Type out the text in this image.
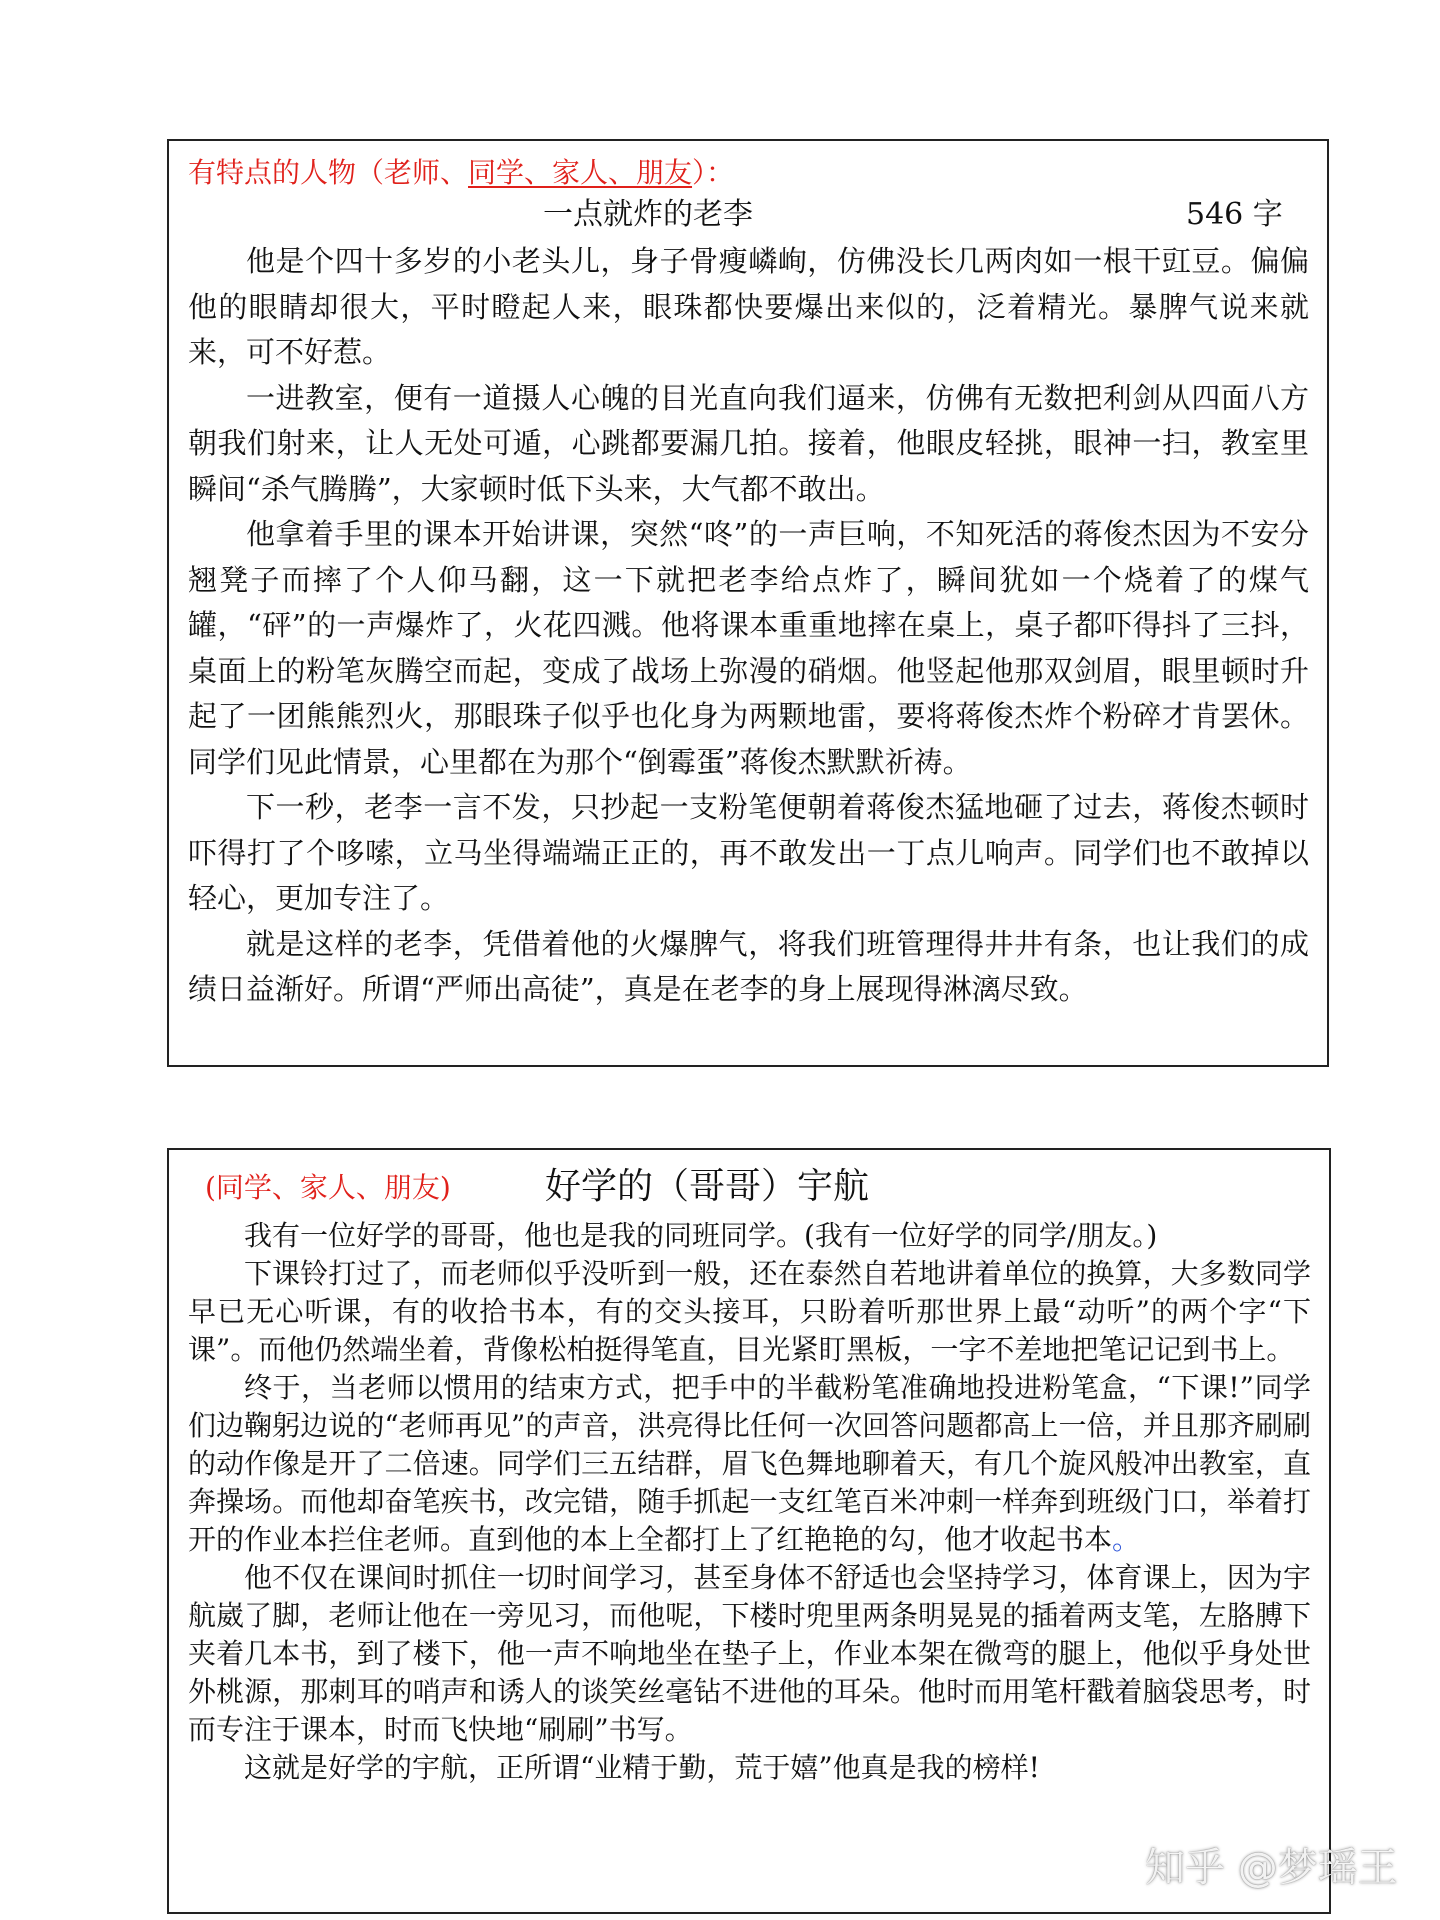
有特点的人物（老师、同学、家人、朋友）：
一点就炸的老李	546 字

他是个四十多岁的小老头儿，身子骨瘦嶙峋，仿佛没长几两肉如一根干豇豆。偏偏他的眼睛却很大，平时瞪起人来，眼珠都快要爆出来似的，泛着精光。暴脾气说来就来，可不好惹。

一进教室，便有一道摄人心魄的目光直向我们逼来，仿佛有无数把利剑从四面八方朝我们射来，让人无处可遁，心跳都要漏几拍。接着，他眼皮轻挑，眼神一扫，教室里瞬间“杀气腾腾”，大家顿时低下头来，大气都不敢出。

他拿着手里的课本开始讲课，突然“咚”的一声巨响，不知死活的蒋俊杰因为不安分翘凳子而摔了个人仰马翻，这一下就把老李给点炸了，瞬间犹如一个烧着了的煤气罐，“砰”的一声爆炸了，火花四溅。他将课本重重地摔在桌上，桌子都吓得抖了三抖，桌面上的粉笔灰腾空而起，变成了战场上弥漫的硝烟。他竖起他那双剑眉，眼里顿时升起了一团熊熊烈火，那眼珠子似乎也化身为两颗地雷，要将蒋俊杰炸个粉碎才肯罢休。同学们见此情景，心里都在为那个“倒霉蛋”蒋俊杰默默祈祷。

下一秒，老李一言不发，只抄起一支粉笔便朝着蒋俊杰猛地砸了过去，蒋俊杰顿时吓得打了个哆嗦，立马坐得端端正正的，再不敢发出一丁点儿响声。同学们也不敢掉以轻心，更加专注了。

就是这样的老李，凭借着他的火爆脾气，将我们班管理得井井有条，也让我们的成绩日益渐好。所谓“严师出高徒”，真是在老李的身上展现得淋漓尽致。

(同学、家人、朋友)	好学的（哥哥）宇航

我有一位好学的哥哥，他也是我的同班同学。(我有一位好学的同学/朋友。)

下课铃打过了，而老师似乎没听到一般，还在泰然自若地讲着单位的换算，大多数同学早已无心听课，有的收拾书本，有的交头接耳，只盼着听那世界上最“动听”的两个字“下课”。而他仍然端坐着，背像松柏挺得笔直，目光紧盯黑板，一字不差地把笔记记到书上。

终于，当老师以惯用的结束方式，把手中的半截粉笔准确地投进粉笔盒，“下课!”同学们边鞠躬边说的“老师再见”的声音，洪亮得比任何一次回答问题都高上一倍，并且那齐刷刷的动作像是开了二倍速。同学们三五结群，眉飞色舞地聊着天，有几个旋风般冲出教室，直奔操场。而他却奋笔疾书，改完错，随手抓起一支红笔百米冲刺一样奔到班级门口，举着打开的作业本拦住老师。直到他的本上全都打上了红艳艳的勾，他才收起书本。

他不仅在课间时抓住一切时间学习，甚至身体不舒适也会坚持学习，体育课上，因为宇航崴了脚，老师让他在一旁见习，而他呢，下楼时兜里两条明晃晃的插着两支笔，左胳膊下夹着几本书，到了楼下，他一声不响地坐在垫子上，作业本架在微弯的腿上，他似乎身处世外桃源，那刺耳的哨声和诱人的谈笑丝毫钻不进他的耳朵。他时而用笔杆戳着脑袋思考，时而专注于课本，时而飞快地“刷刷”书写。

这就是好学的宇航，正所谓“业精于勤，荒于嬉”他真是我的榜样!

知乎 @梦瑶王
